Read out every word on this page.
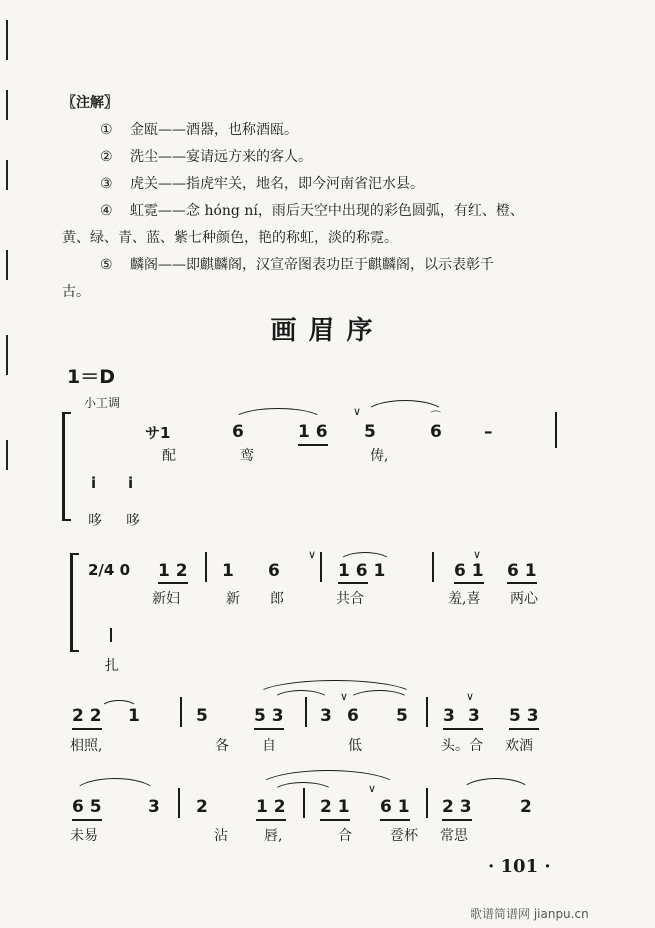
〖注解〗
① 金瓯——酒器，也称酒瓯。
② 洗尘——宴请远方来的客人。
③ 虎关——指虎牢关，地名，即今河南省汜水县。
④ 虹霓——念 hóng ní，雨后天空中出现的彩色圆弧，有红、橙、
黄、绿、青、蓝、紫七种颜色，艳的称虹，淡的称霓。
⑤ 麟阁——即麒麟阁，汉宣帝图表功臣于麒麟阁，以示表彰千
古。
画眉序
1＝D
小工调
サ1	6	1 6 5	6 –
∨	⌒
配	鸾	俦,
i i
哆 哆
2/4 0 1 2 1 6	1 6 1	6 1 6 1
∨	∨
新妇	新 郎	共合	羞,喜 两心
扎
2 2 1	5	5 3 3 6 5 3 3 5 3
∨	∨
相照,	各 自	低	头。合 欢酒
6 5	3 2	1 2 2 1 6 1 2 3	2
∨
未易	沾	唇,	合	卺杯 常思
· 101 ·
歌谱简谱网 jianpu.cn
